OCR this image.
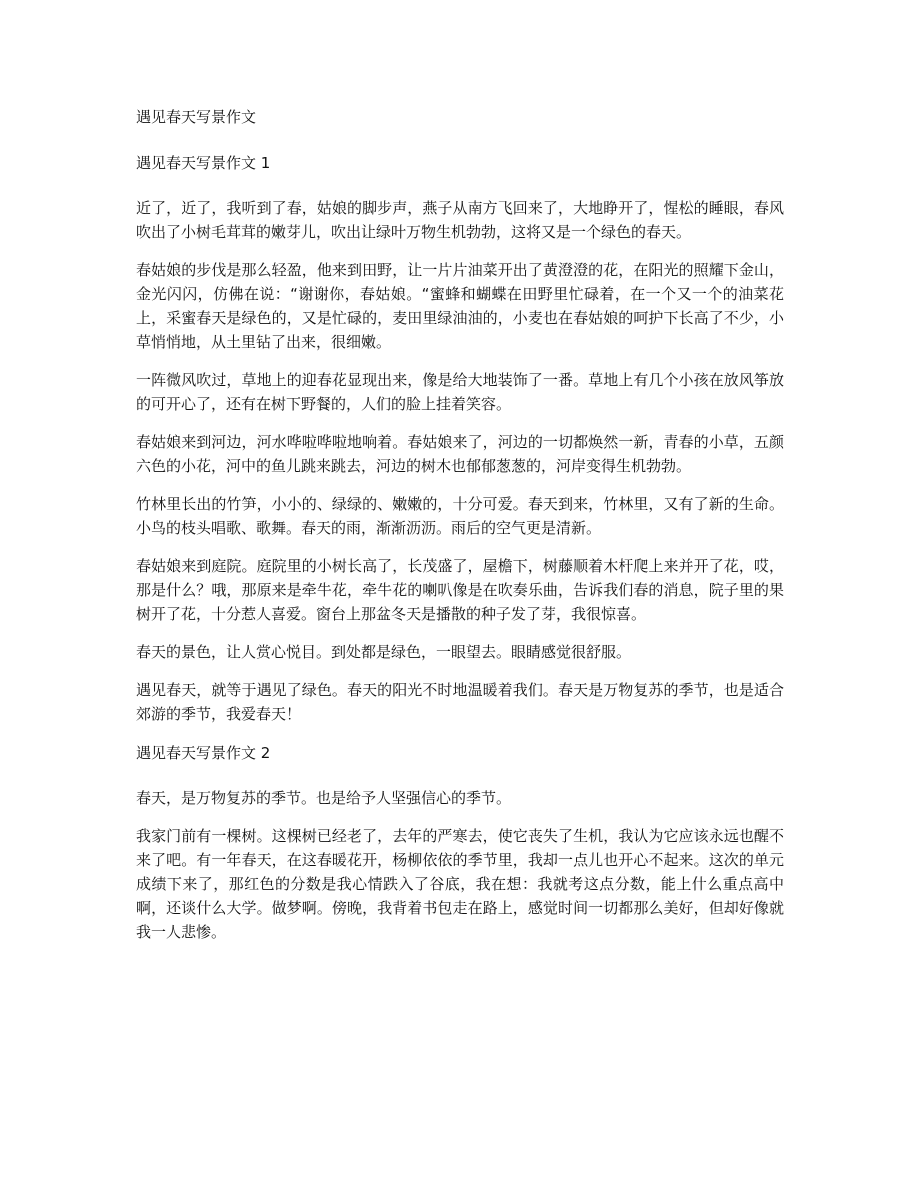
遇见春天写景作文
遇见春天写景作文 1

近了，近了，我听到了春，姑娘的脚步声，燕子从南方飞回来了，大地睁开了，惺松的睡眼，春风吹出了小树毛茸茸的嫩芽儿，吹出让绿叶万物生机勃勃，这将又是一个绿色的春天。

春姑娘的步伐是那么轻盈，他来到田野，让一片片油菜开出了黄澄澄的花，在阳光的照耀下金山，金光闪闪，仿佛在说：“谢谢你，春姑娘。“蜜蜂和蝴蝶在田野里忙碌着，在一个又一个的油菜花上，采蜜春天是绿色的，又是忙碌的，麦田里绿油油的，小麦也在春姑娘的呵护下长高了不少，小草悄悄地，从土里钻了出来，很细嫩。

一阵微风吹过，草地上的迎春花显现出来，像是给大地装饰了一番。草地上有几个小孩在放风筝放的可开心了，还有在树下野餐的，人们的脸上挂着笑容。

春姑娘来到河边，河水哗啦哗啦地响着。春姑娘来了，河边的一切都焕然一新，青春的小草，五颜六色的小花，河中的鱼儿跳来跳去，河边的树木也郁郁葱葱的，河岸变得生机勃勃。

竹林里长出的竹笋，小小的、绿绿的、嫩嫩的，十分可爱。春天到来，竹林里，又有了新的生命。小鸟的枝头唱歌、歌舞。春天的雨，渐渐沥沥。雨后的空气更是清新。

春姑娘来到庭院。庭院里的小树长高了，长茂盛了，屋檐下，树藤顺着木杆爬上来并开了花，哎，那是什么？哦，那原来是牵牛花，牵牛花的喇叭像是在吹奏乐曲，告诉我们春的消息，院子里的果树开了花，十分惹人喜爱。窗台上那盆冬天是播散的种子发了芽，我很惊喜。

春天的景色，让人赏心悦目。到处都是绿色，一眼望去。眼睛感觉很舒服。

遇见春天，就等于遇见了绿色。春天的阳光不时地温暖着我们。春天是万物复苏的季节，也是适合郊游的季节，我爱春天！

遇见春天写景作文 2

春天，是万物复苏的季节。也是给予人坚强信心的季节。

我家门前有一棵树。这棵树已经老了，去年的严寒去，使它丧失了生机，我认为它应该永远也醒不来了吧。有一年春天，在这春暖花开，杨柳依依的季节里，我却一点儿也开心不起来。这次的单元成绩下来了，那红色的分数是我心情跌入了谷底，我在想：我就考这点分数，能上什么重点高中啊，还谈什么大学。做梦啊。傍晚，我背着书包走在路上，感觉时间一切都那么美好，但却好像就我一人悲惨。
